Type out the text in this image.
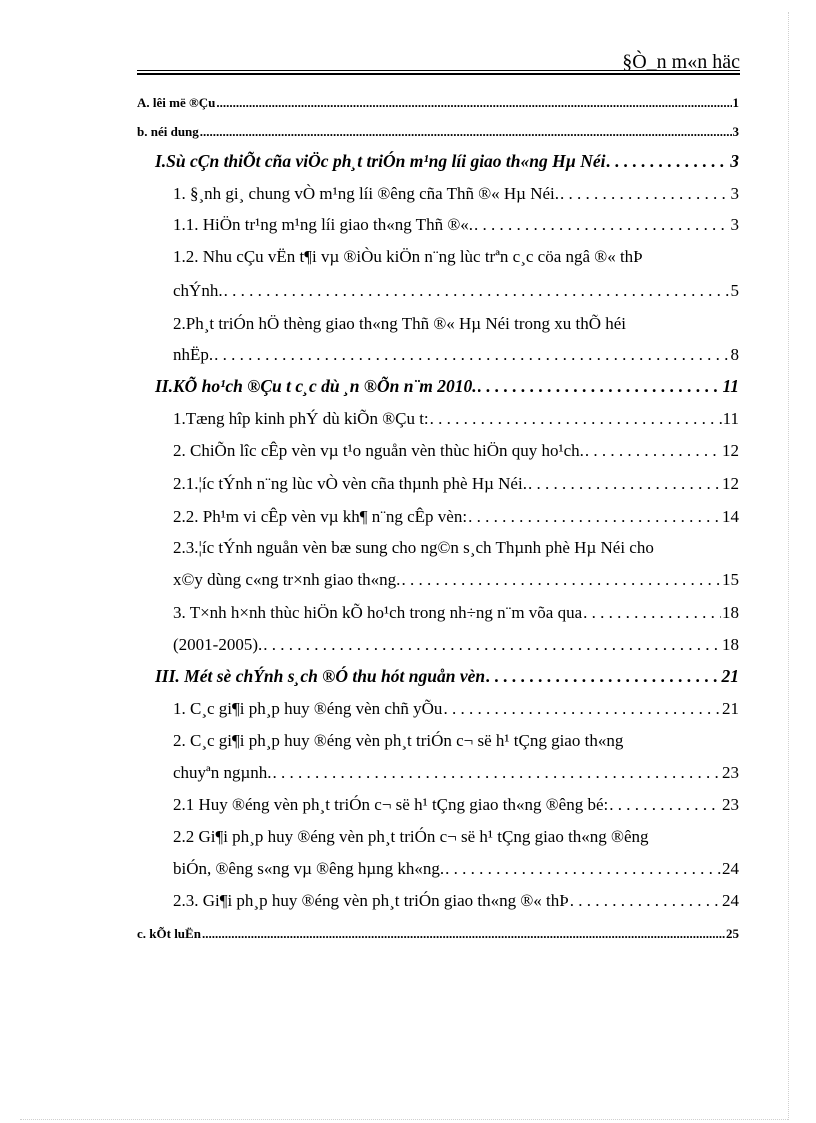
§Ò_n m«n häc
A. lêi më ®Çu .....	1
b. néi dung .....	3
I.Sù cÇn thiÕt cña viÖc ph¸t triÓn m¹ng líi giao th«ng Hµ Néi . . .	3
1. §¸nh gi¸ chung vÒ m¹ng líi ®êng cña Thñ ®« Hµ Néi. . . .	3
1.1. HiÖn tr¹ng m¹ng líi giao th«ng Thñ ®«. . . .	3
1.2. Nhu cÇu vËn t¶i vµ ®iÒu kiÖn n¨ng lùc trªn c¸c cöa ngâ ®« thÞ
chÝnh. . . .	5
2.Ph¸t triÓn hÖ thèng giao th«ng Thñ ®« Hµ Néi trong xu thÕ héi
nhËp. . . .	8
II.KÕ ho¹ch ®Çu t c¸c dù ¸n ®Õn n¨m 2010. . . .	11
1.Tæng hîp kinh phÝ dù kiÕn ®Çu t: . . .	11
2. ChiÕn lîc cÊp vèn vµ t¹o nguån vèn thùc hiÖn quy ho¹ch. . . .	12
2.1.¦íc tÝnh n¨ng lùc vÒ vèn cña thµnh phè Hµ Néi. . . .	12
2.2. Ph¹m vi cÊp vèn vµ kh¶ n¨ng cÊp vèn: . . .	14
2.3.¦íc tÝnh nguån vèn bæ sung cho ng©n s¸ch Thµnh phè Hµ Néi cho
x©y dùng c«ng tr×nh giao th«ng. . . .	15
3. T×nh h×nh thùc hiÖn kÕ ho¹ch trong nh÷ng n¨m võa qua . . .	18
(2001-2005). . . .	18
III. Mét sè chÝnh s¸ch ®Ó thu hót nguån vèn . . .	21
1. C¸c gi¶i ph¸p huy ®éng vèn chñ yÕu . . .	21
2. C¸c gi¶i ph¸p huy ®éng vèn ph¸t triÓn c¬ së h¹ tÇng giao th«ng
chuyªn ngµnh. . . .	23
2.1 Huy ®éng vèn ph¸t triÓn c¬ së h¹ tÇng giao th«ng ®êng bé: . . .	23
2.2 Gi¶i ph¸p huy ®éng vèn ph¸t triÓn c¬ së h¹ tÇng giao th«ng ®êng
biÓn, ®êng s«ng vµ ®êng hµng kh«ng. . . .	24
2.3. Gi¶i ph¸p huy ®éng vèn ph¸t triÓn giao th«ng ®« thÞ . . .	24
c. kÕt luËn .....	25
